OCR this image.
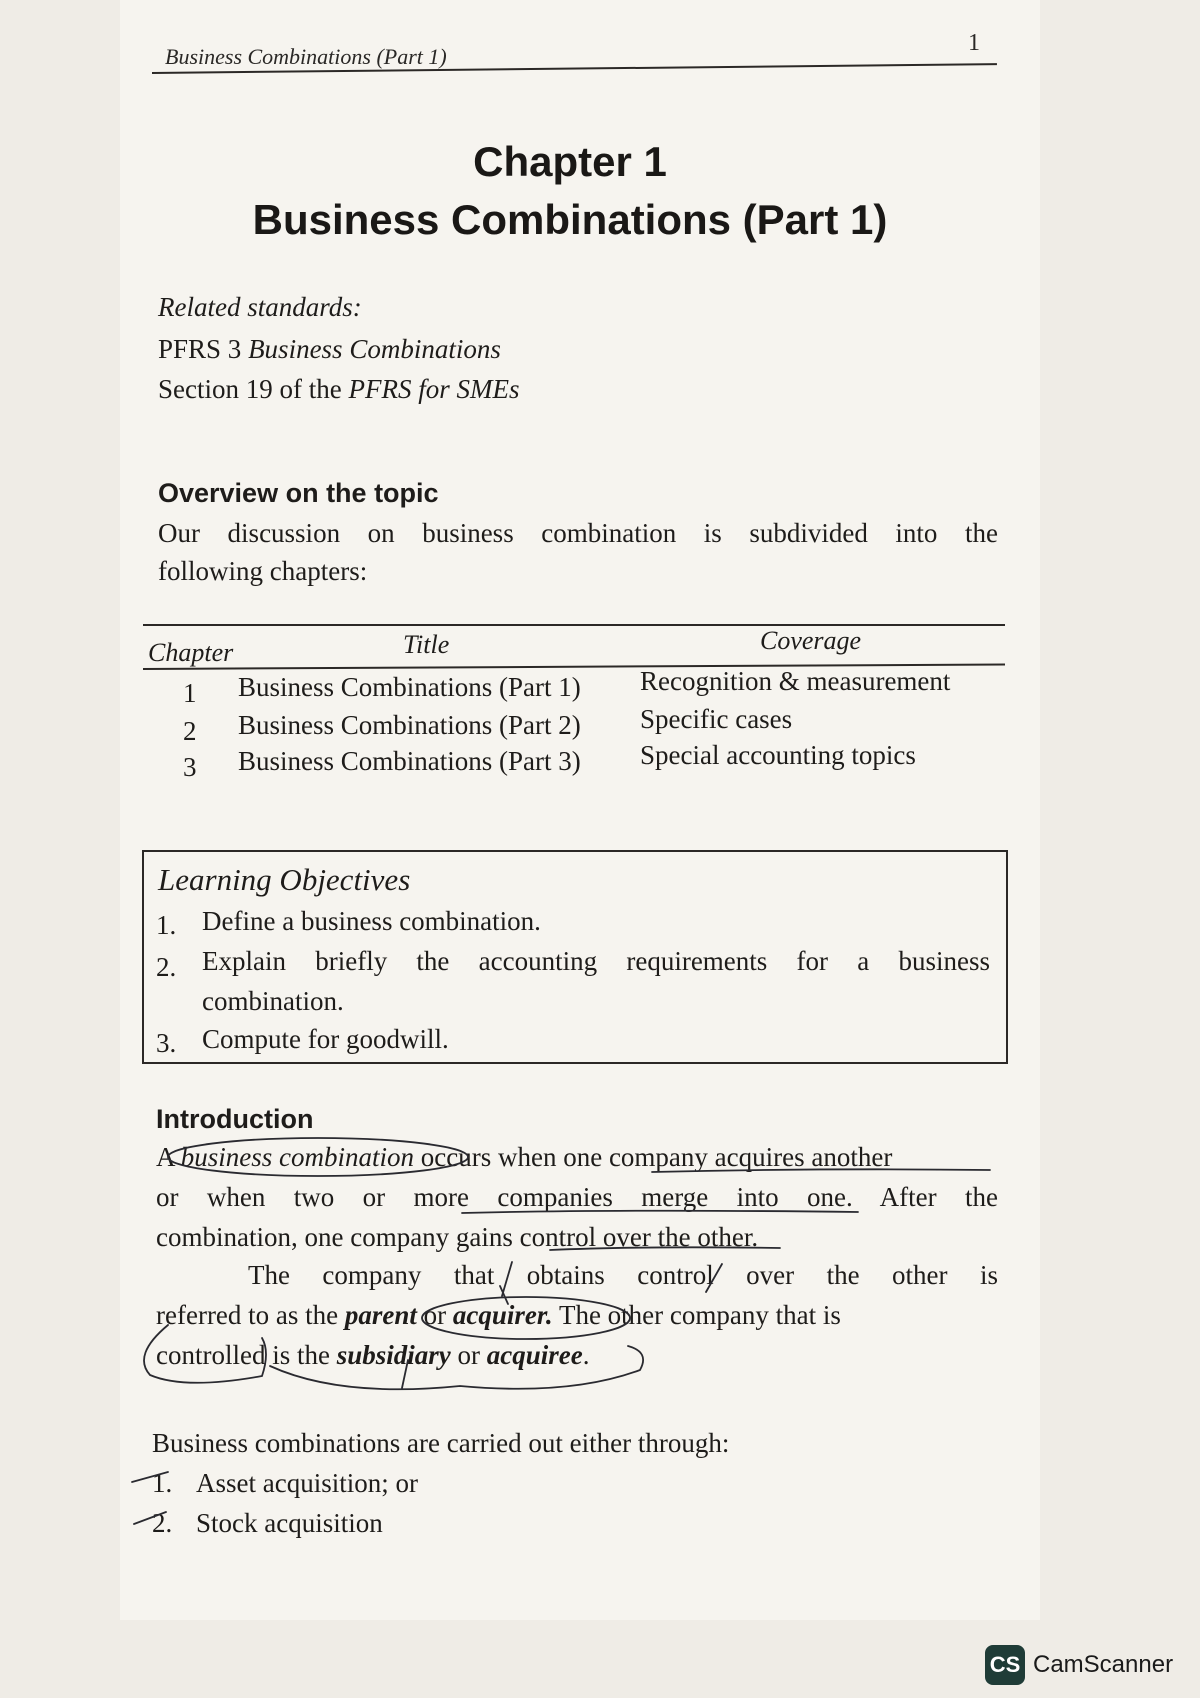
Business Combinations (Part 1)
1
Chapter 1
Business Combinations (Part 1)
Related standards:
PFRS 3 Business Combinations
Section 19 of the PFRS for SMEs
Overview on the topic
Our discussion on business combination is subdivided into the
following chapters:
Chapter	Title	Coverage
1 Business Combinations (Part 1) Recognition & measurement
2 Business Combinations (Part 2) Specific cases
3 Business Combinations (Part 3) Special accounting topics
Learning Objectives
1. Define a business combination.
2. Explain briefly the accounting requirements for a business
combination.
3. Compute for goodwill.
Introduction
A business combination occurs when one company acquires another
or when two or more companies merge into one. After the
combination, one company gains control over the other.
The company that obtains control over the other is
referred to as the parent or acquirer. The other company that is
controlled is the subsidiary or acquiree.
Business combinations are carried out either through:
1. Asset acquisition; or
2. Stock acquisition
CS CamScanner
